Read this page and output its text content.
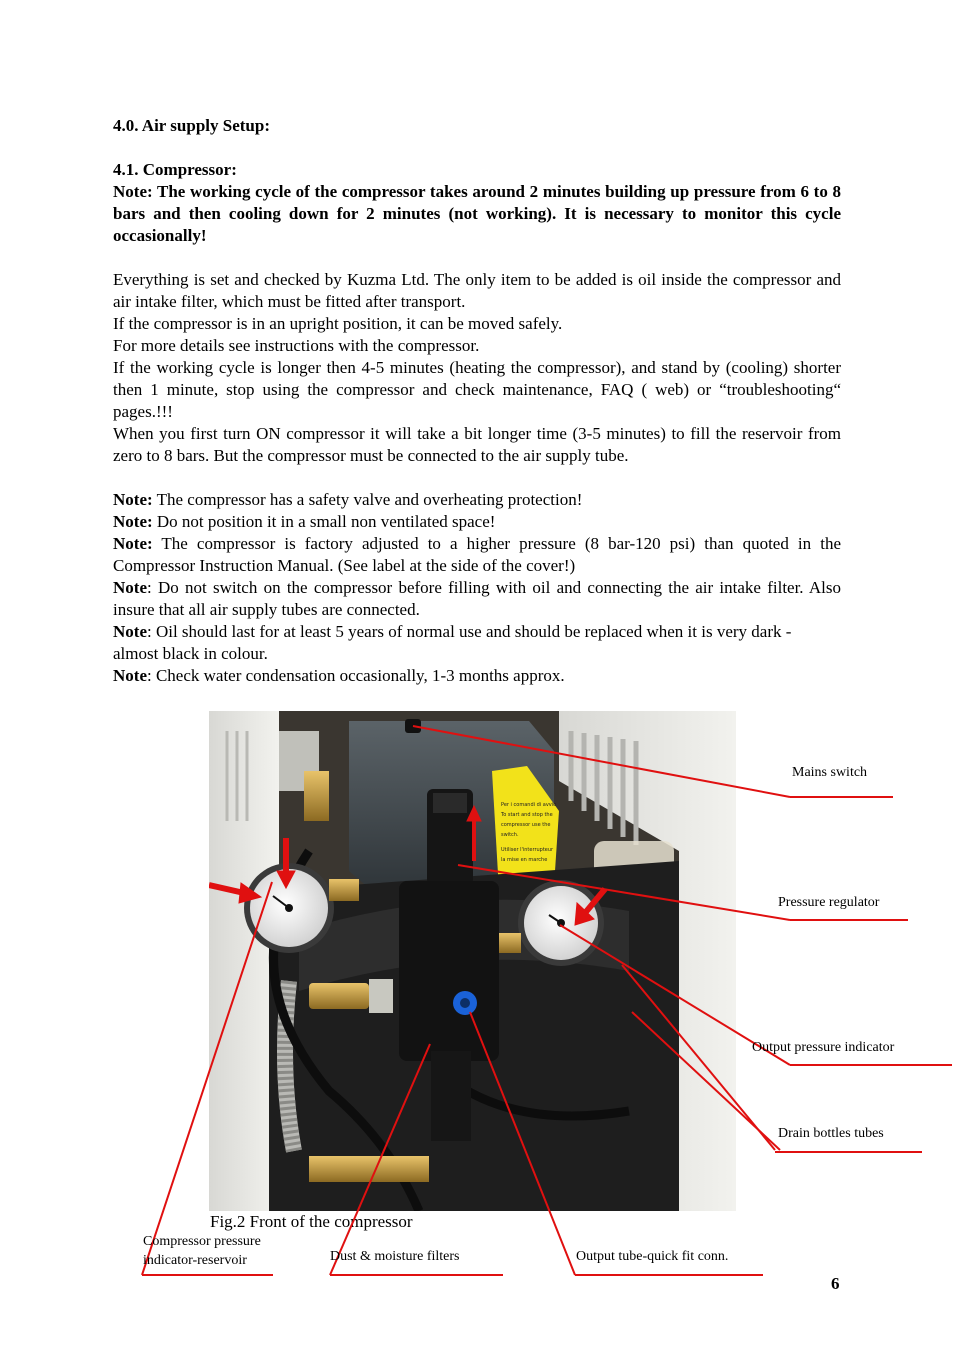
4.0. Air supply Setup:

4.1. Compressor:

Note: The working cycle of the compressor takes around 2 minutes building up pressure from 6 to 8 bars and then cooling down for 2 minutes (not working). It is necessary to monitor this cycle occasionally!

Everything is set and checked by Kuzma Ltd. The only item to be added is oil inside the compressor and air intake filter, which must be fitted after transport.

If the compressor is in an upright position, it can be moved safely.

For more details see instructions with the compressor.

If the working cycle is longer then 4-5 minutes (heating the compressor), and stand by (cooling) shorter then 1 minute, stop using the compressor and check maintenance, FAQ ( web) or “troubleshooting“ pages.!!!

When you first turn ON compressor it will take a bit longer time (3-5 minutes) to fill the reservoir from zero to 8 bars. But the compressor must be connected to the air supply tube.

Note: The compressor has a safety valve and overheating protection!

Note: Do not position it in a small non ventilated space!

Note: The compressor is factory adjusted to a higher pressure (8 bar-120 psi) than quoted in the Compressor Instruction Manual. (See label at the side of the cover!)

Note: Do not switch on the compressor before filling with oil and connecting the air intake filter. Also insure that all air supply tubes are connected.

Note: Oil should last for at least 5 years of normal use and should be replaced when it is very dark - almost black in colour.

Note: Check water condensation occasionally, 1-3 months approx.

Per i comandi di avvio
To start and stop the
compressor use the
switch.
Utiliser l'interrupteur
la mise en marche
Fig.2 Front of the compressor
Mains switch
Pressure regulator
Output pressure indicator
Drain bottles tubes
Compressor pressure
indicator-reservoir	Dust & moisture filters	Output tube-quick fit conn.
6
